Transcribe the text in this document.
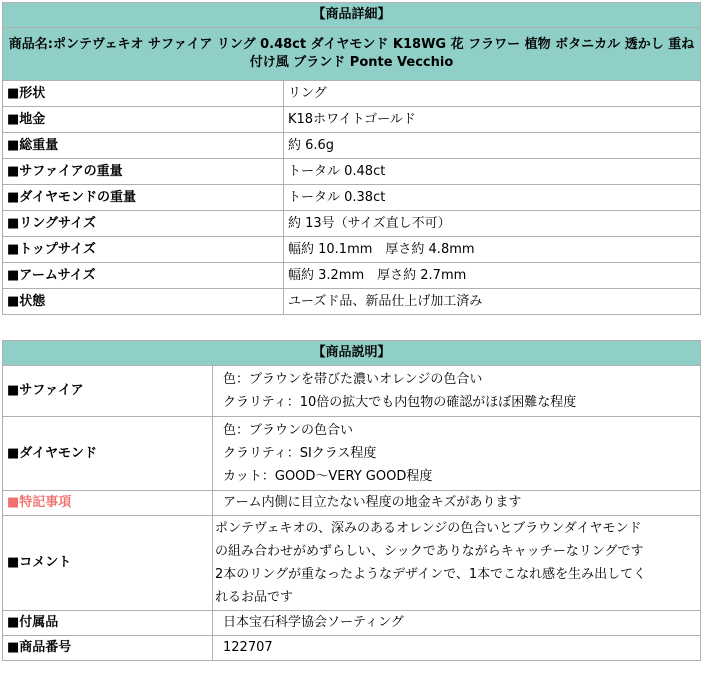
【商品詳細】	
商品名:ポンテヴェキオ サファイア リング 0.48ct ダイヤモンド K18WG 花 フラワー 植物 ボタニカル 透かし 重ね付け風 ブランド Ponte Vecchio	
■形状	リング
■地金	K18ホワイトゴールド
■総重量	約 6.6g
■サファイアの重量	トータル 0.48ct
■ダイヤモンドの重量	トータル 0.38ct
■リングサイズ	約 13号（サイズ直し不可）
■トップサイズ	幅約 10.1mm　厚さ約 4.8mm
■アームサイズ	幅約 3.2mm　厚さ約 2.7mm
■状態	ユーズド品、新品仕上げ加工済み
【商品説明】	
■サファイア	色：ブラウンを帯びた濃いオレンジの色合い
クラリティ：10倍の拡大でも内包物の確認がほぼ困難な程度

■ダイヤモンド	色：ブラウンの色合い
クラリティ：SIクラス程度
カット：GOOD～VERY GOOD程度

■特記事項	アーム内側に目立たない程度の地金キズがあります
■コメント	ポンテヴェキオの、深みのあるオレンジの色合いとブラウンダイヤモンド
の組み合わせがめずらしい、シックでありながらキャッチーなリングです
2本のリングが重なったようなデザインで、1本でこなれ感を生み出してく
れるお品です

■付属品	日本宝石科学協会ソーティング
■商品番号	122707
